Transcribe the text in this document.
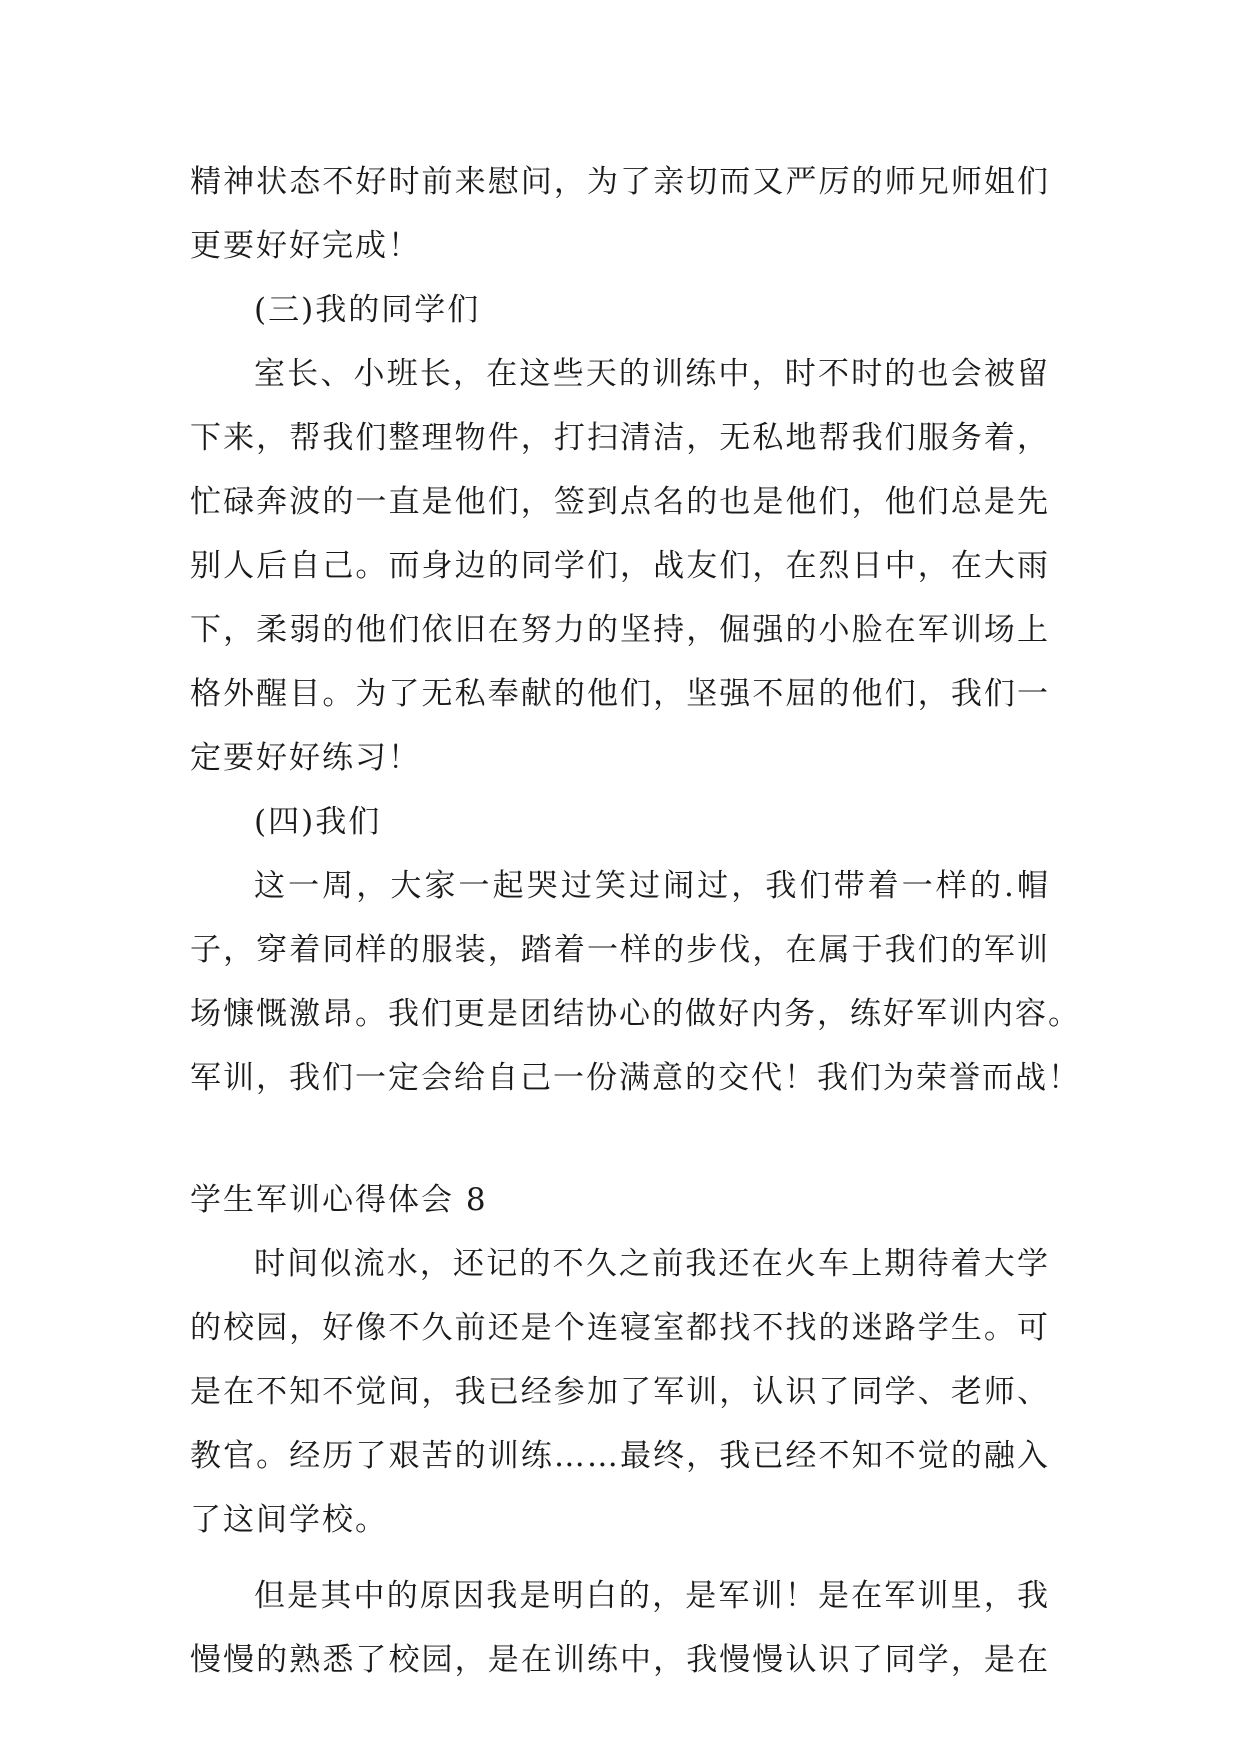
精神状态不好时前来慰问，为了亲切而又严厉的师兄师姐们
更要好好完成！
(三)我的同学们
室长、小班长，在这些天的训练中，时不时的也会被留
下来，帮我们整理物件，打扫清洁，无私地帮我们服务着，
忙碌奔波的一直是他们，签到点名的也是他们，他们总是先
别人后自己。而身边的同学们，战友们，在烈日中，在大雨
下，柔弱的他们依旧在努力的坚持，倔强的小脸在军训场上
格外醒目。为了无私奉献的他们，坚强不屈的他们，我们一
定要好好练习！
(四)我们
这一周，大家一起哭过笑过闹过，我们带着一样的.帽
子，穿着同样的服装，踏着一样的步伐，在属于我们的军训
场慷慨激昂。我们更是团结协心的做好内务，练好军训内容。
军训，我们一定会给自己一份满意的交代！我们为荣誉而战！
学生军训心得体会 8
时间似流水，还记的不久之前我还在火车上期待着大学
的校园，好像不久前还是个连寝室都找不找的迷路学生。可
是在不知不觉间，我已经参加了军训，认识了同学、老师、
教官。经历了艰苦的训练……最终，我已经不知不觉的融入
了这间学校。
但是其中的原因我是明白的，是军训！是在军训里，我
慢慢的熟悉了校园，是在训练中，我慢慢认识了同学，是在
